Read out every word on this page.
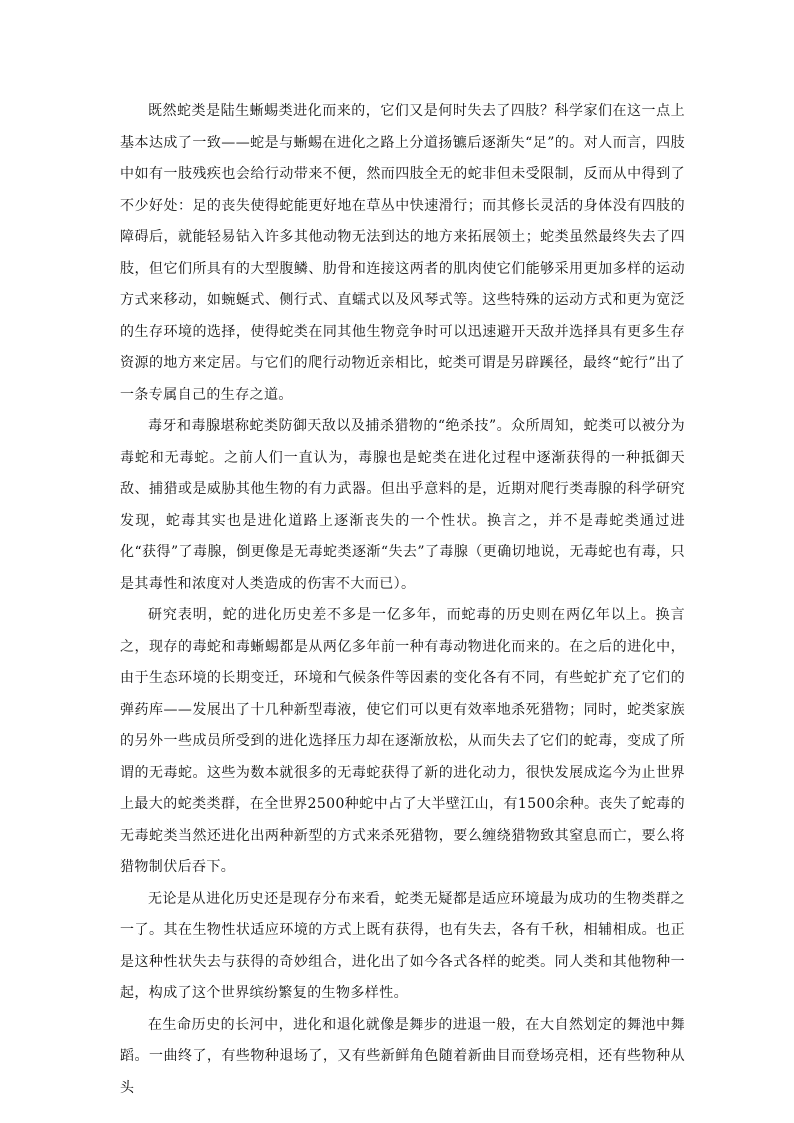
既然蛇类是陆生蜥蜴类进化而来的，它们又是何时失去了四肢？科学家们在这一点上基本达成了一致——蛇是与蜥蜴在进化之路上分道扬镳后逐渐失“足”的。对人而言，四肢中如有一肢残疾也会给行动带来不便，然而四肢全无的蛇非但未受限制，反而从中得到了不少好处：足的丧失使得蛇能更好地在草丛中快速滑行；而其修长灵活的身体没有四肢的障碍后，就能轻易钻入许多其他动物无法到达的地方来拓展领土；蛇类虽然最终失去了四肢，但它们所具有的大型腹鳞、肋骨和连接这两者的肌肉使它们能够采用更加多样的运动方式来移动，如蜿蜒式、侧行式、直蠕式以及风琴式等。这些特殊的运动方式和更为宽泛的生存环境的选择，使得蛇类在同其他生物竞争时可以迅速避开天敌并选择具有更多生存资源的地方来定居。与它们的爬行动物近亲相比，蛇类可谓是另辟蹊径，最终“蛇行”出了一条专属自己的生存之道。

毒牙和毒腺堪称蛇类防御天敌以及捕杀猎物的“绝杀技”。众所周知，蛇类可以被分为毒蛇和无毒蛇。之前人们一直认为，毒腺也是蛇类在进化过程中逐渐获得的一种抵御天敌、捕猎或是威胁其他生物的有力武器。但出乎意料的是，近期对爬行类毒腺的科学研究发现，蛇毒其实也是进化道路上逐渐丧失的一个性状。换言之，并不是毒蛇类通过进化“获得”了毒腺，倒更像是无毒蛇类逐渐“失去”了毒腺（更确切地说，无毒蛇也有毒，只是其毒性和浓度对人类造成的伤害不大而已）。

研究表明，蛇的进化历史差不多是一亿多年，而蛇毒的历史则在两亿年以上。换言之，现存的毒蛇和毒蜥蜴都是从两亿多年前一种有毒动物进化而来的。在之后的进化中，由于生态环境的长期变迁，环境和气候条件等因素的变化各有不同，有些蛇扩充了它们的弹药库——发展出了十几种新型毒液，使它们可以更有效率地杀死猎物；同时，蛇类家族的另外一些成员所受到的进化选择压力却在逐渐放松，从而失去了它们的蛇毒，变成了所谓的无毒蛇。这些为数本就很多的无毒蛇获得了新的进化动力，很快发展成迄今为止世界上最大的蛇类类群，在全世界2500种蛇中占了大半壁江山，有1500余种。丧失了蛇毒的无毒蛇类当然还进化出两种新型的方式来杀死猎物，要么缠绕猎物致其窒息而亡，要么将猎物制伏后吞下。

无论是从进化历史还是现存分布来看，蛇类无疑都是适应环境最为成功的生物类群之一了。其在生物性状适应环境的方式上既有获得，也有失去，各有千秋，相辅相成。也正是这种性状失去与获得的奇妙组合，进化出了如今各式各样的蛇类。同人类和其他物种一起，构成了这个世界缤纷繁复的生物多样性。

在生命历史的长河中，进化和退化就像是舞步的进退一般，在大自然划定的舞池中舞蹈。一曲终了，有些物种退场了，又有些新鲜角色随着新曲目而登场亮相，还有些物种从头
